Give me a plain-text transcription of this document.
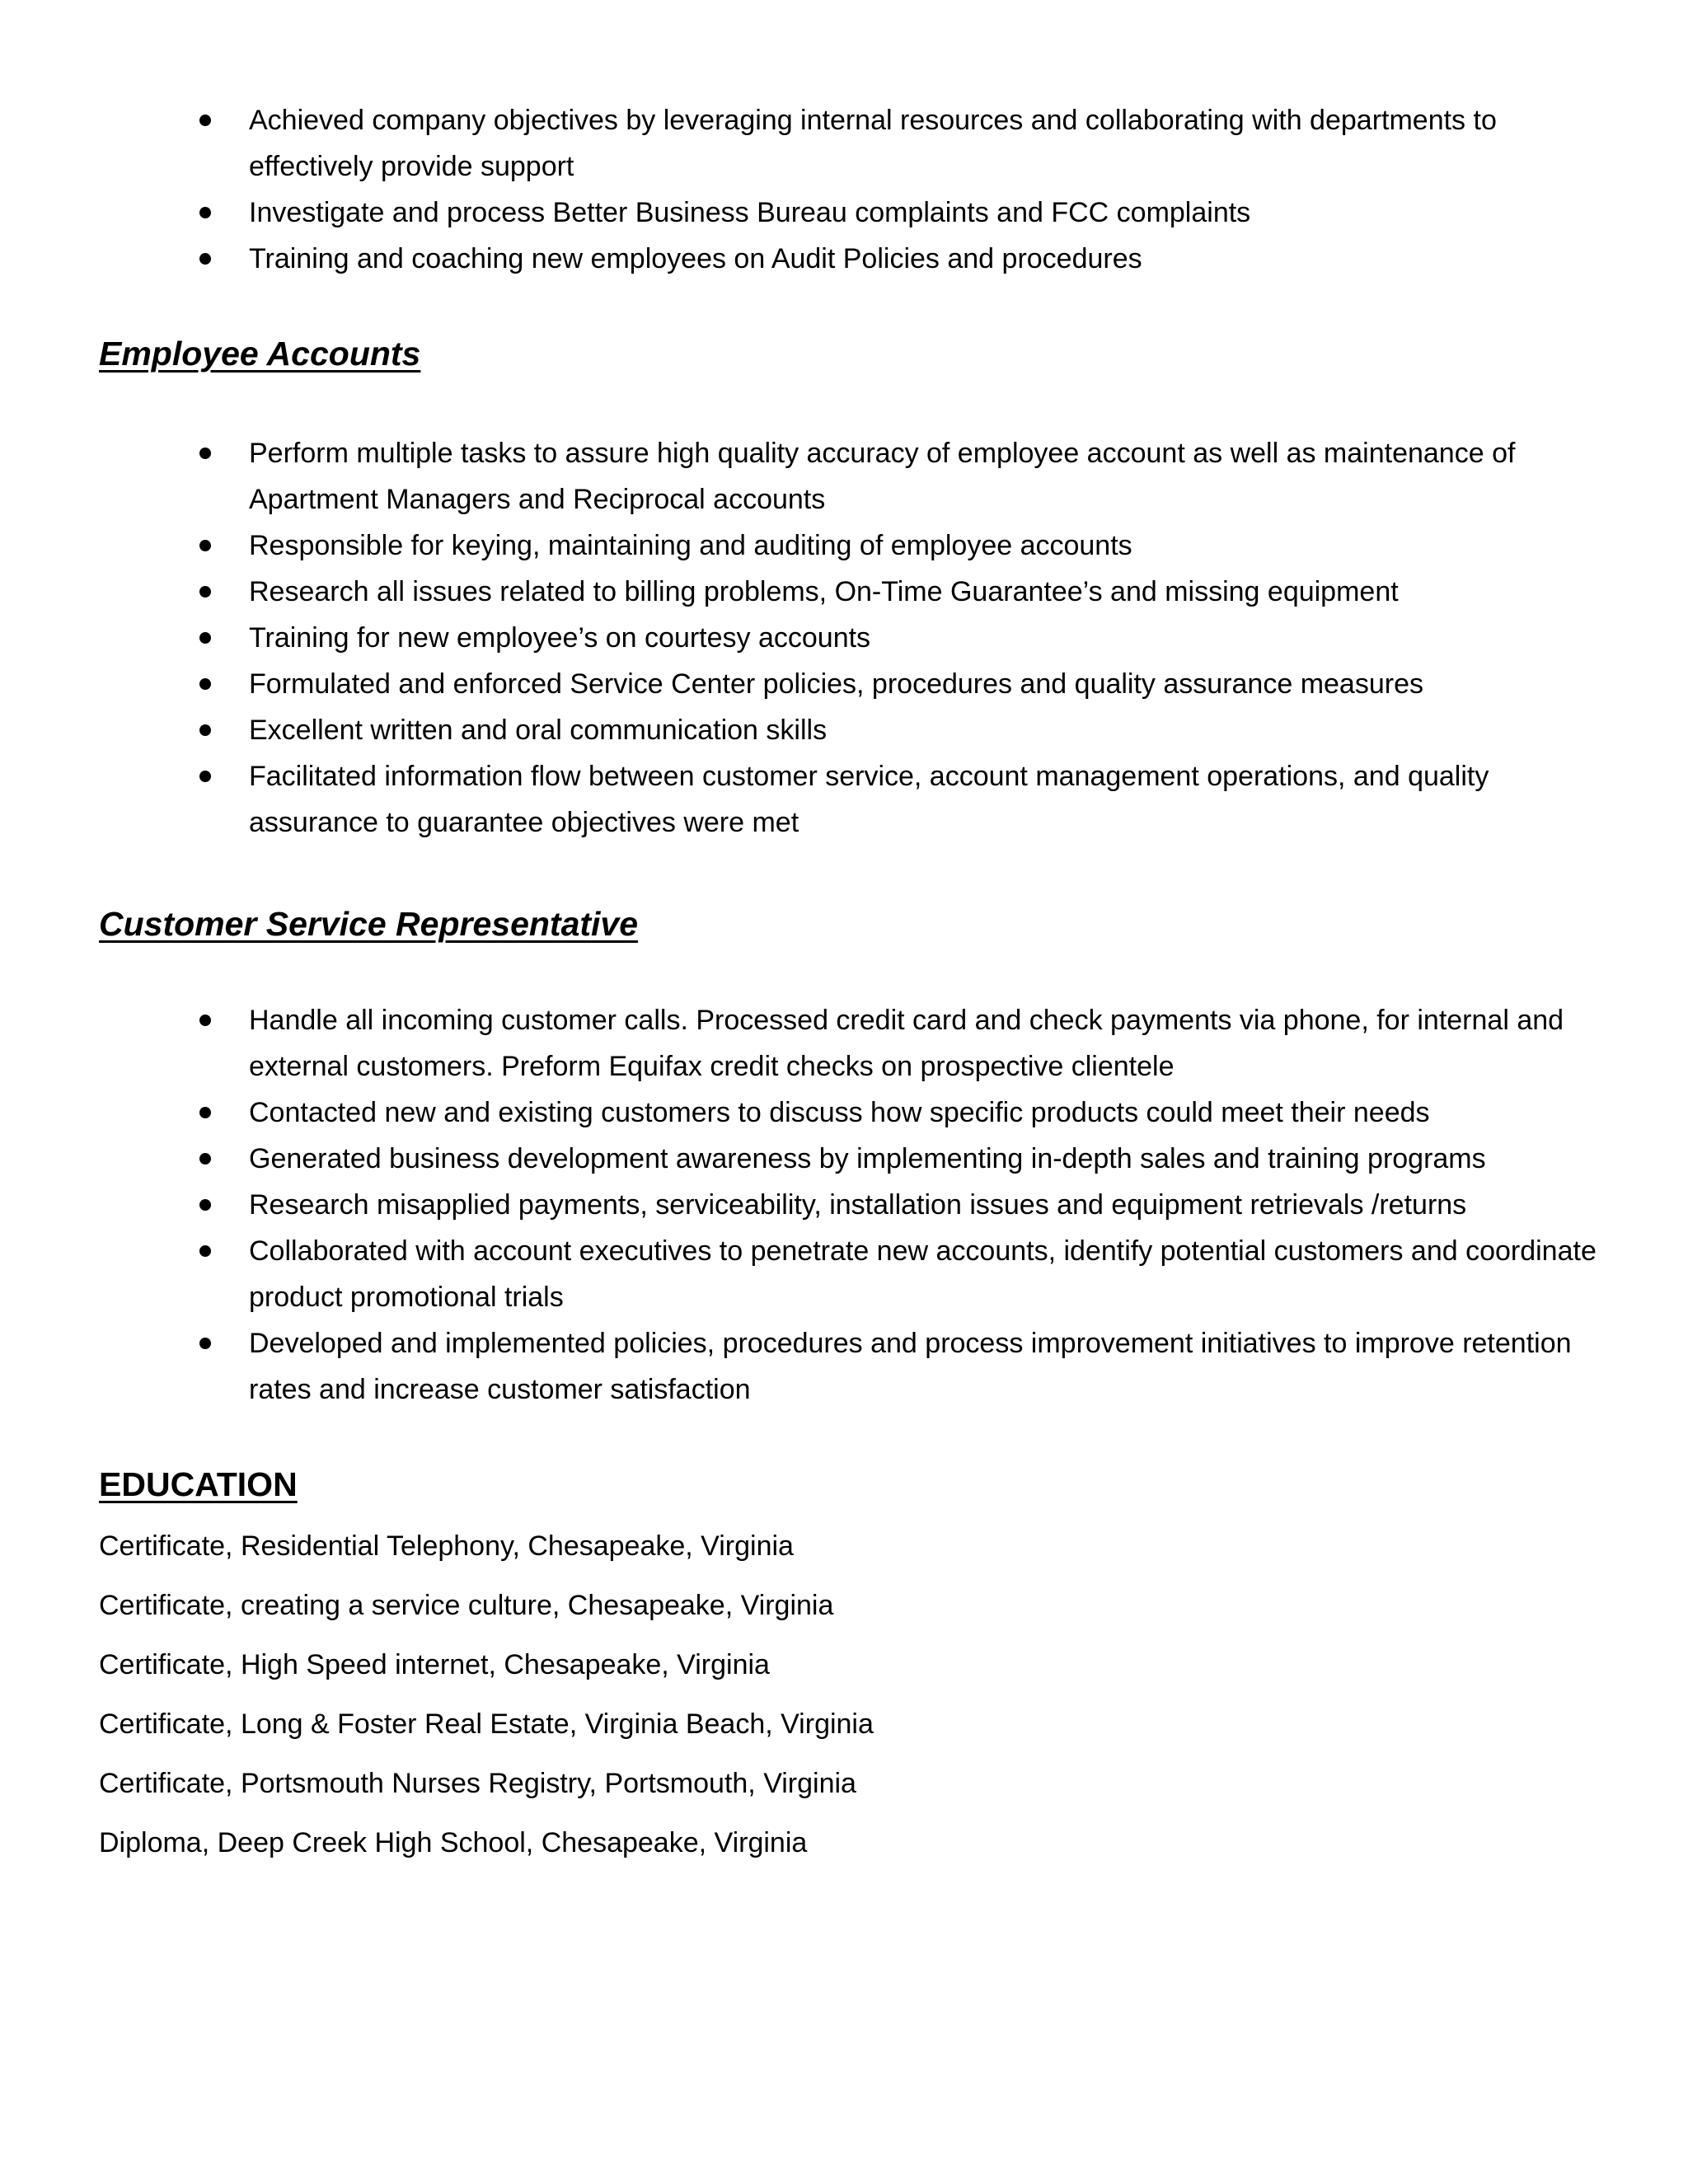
Achieved company objectives by leveraging internal resources and collaborating with departments to effectively provide support
Investigate and process Better Business Bureau complaints and FCC complaints
Training and coaching new employees on Audit Policies and procedures
Employee Accounts
Perform multiple tasks to assure high quality accuracy of employee account as well as maintenance of Apartment Managers and Reciprocal accounts
Responsible for keying, maintaining and auditing of employee accounts
Research all issues related to billing problems, On-Time Guarantee’s and missing equipment
Training for new employee’s on courtesy accounts
Formulated and enforced Service Center policies, procedures and quality assurance measures
Excellent written and oral communication skills
Facilitated information flow between customer service, account management operations, and quality assurance to guarantee objectives were met
Customer Service Representative
Handle all incoming customer calls. Processed credit card and check payments via phone, for internal and external customers. Preform Equifax credit checks on prospective clientele
Contacted new and existing customers to discuss how specific products could meet their needs
Generated business development awareness by implementing in-depth sales and training programs
Research misapplied payments, serviceability, installation issues and equipment retrievals /returns
Collaborated with account executives to penetrate new accounts, identify potential customers and coordinate product promotional trials
Developed and implemented policies, procedures and process improvement initiatives to improve retention rates and increase customer satisfaction
EDUCATION
Certificate, Residential Telephony, Chesapeake, Virginia
Certificate, creating a service culture, Chesapeake, Virginia
Certificate, High Speed internet, Chesapeake, Virginia
Certificate, Long & Foster Real Estate, Virginia Beach, Virginia
Certificate, Portsmouth Nurses Registry, Portsmouth, Virginia
Diploma, Deep Creek High School, Chesapeake, Virginia
